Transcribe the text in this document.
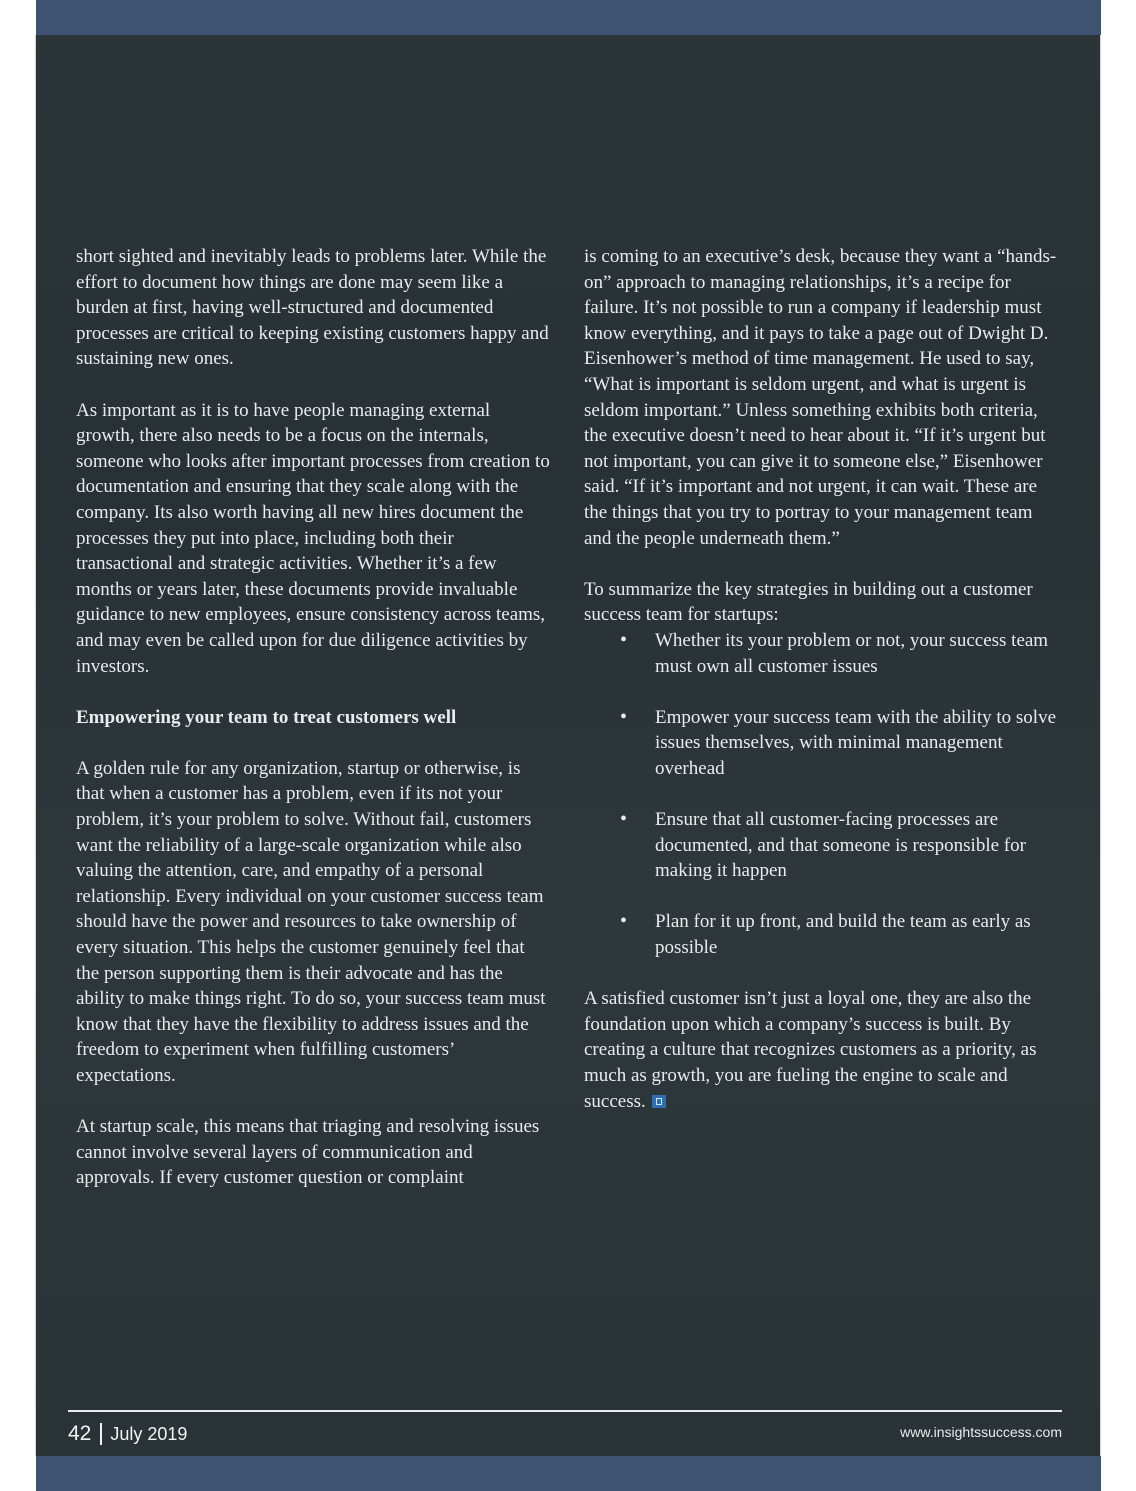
short sighted and inevitably leads to problems later. While the effort to document how things are done may seem like a burden at first, having well-structured and documented processes are critical to keeping existing customers happy and sustaining new ones.

As important as it is to have people managing external growth, there also needs to be a focus on the internals, someone who looks after important processes from creation to documentation and ensuring that they scale along with the company. Its also worth having all new hires document the processes they put into place, including both their transactional and strategic activities. Whether it’s a few months or years later, these documents provide invaluable guidance to new employees, ensure consistency across teams, and may even be called upon for due diligence activities by investors.

Empowering your team to treat customers well

A golden rule for any organization, startup or otherwise, is that when a customer has a problem, even if its not your problem, it’s your problem to solve. Without fail, customers want the reliability of a large-scale organization while also valuing the attention, care, and empathy of a personal relationship. Every individual on your customer success team should have the power and resources to take ownership of every situation. This helps the customer genuinely feel that the person supporting them is their advocate and has the ability to make things right. To do so, your success team must know that they have the flexibility to address issues and the freedom to experiment when fulfilling customers’ expectations.

At startup scale, this means that triaging and resolving issues cannot involve several layers of communication and approvals. If every customer question or complaint

is coming to an executive’s desk, because they want a “hands-on” approach to managing relationships, it’s a recipe for failure. It’s not possible to run a company if leadership must know everything, and it pays to take a page out of Dwight D. Eisenhower’s method of time management. He used to say, “What is important is seldom urgent, and what is urgent is seldom important.” Unless something exhibits both criteria, the executive doesn’t need to hear about it. “If it’s urgent but not important, you can give it to someone else,” Eisenhower said. “If it’s important and not urgent, it can wait. These are the things that you try to portray to your management team and the people underneath them.”

To summarize the key strategies in building out a customer success team for startups:

•
Whether its your problem or not, your success team must own all customer issues
•
Empower your success team with the ability to solve issues themselves, with minimal management overhead
•
Ensure that all customer-facing processes are documented, and that someone is responsible for making it happen
•
Plan for it up front, and build the team as early as possible

A satisfied customer isn’t just a loyal one, they are also the foundation upon which a company’s success is built. By creating a culture that recognizes customers as a priority, as much as growth, you are fueling the engine to scale and success.

42 July 2019	www.insightssuccess.com
